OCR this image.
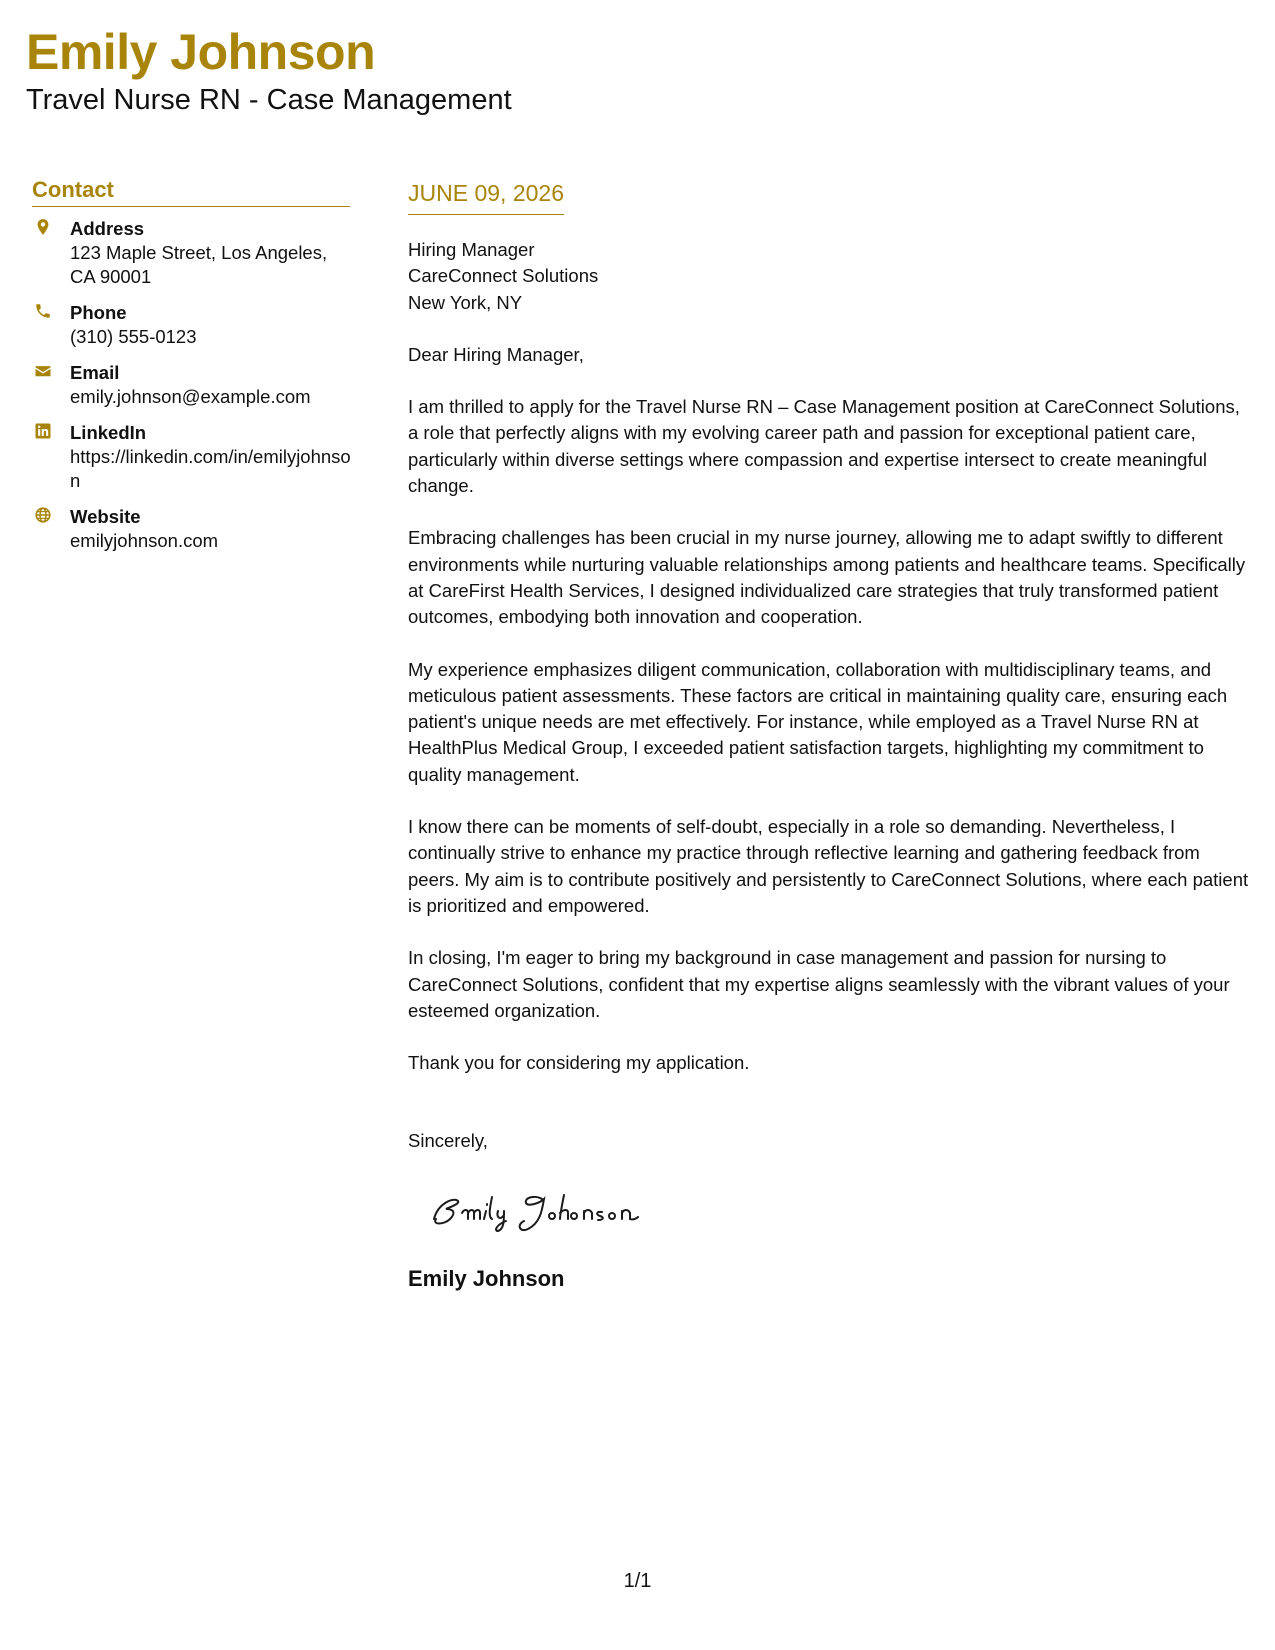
Emily Johnson

Travel Nurse RN - Case Management

Contact
Address
123 Maple Street, Los Angeles, CA 90001
Phone
(310) 555-0123
Email
emily.johnson@example.com
LinkedIn
https://linkedin.com/in/emilyjohnson
Website
emilyjohnson.com
JUNE 09, 2026
Hiring Manager
CareConnect Solutions
New York, NY

Dear Hiring Manager,

I am thrilled to apply for the Travel Nurse RN – Case Management position at CareConnect Solutions, a role that perfectly aligns with my evolving career path and passion for exceptional patient care, particularly within diverse settings where compassion and expertise intersect to create meaningful change.

Embracing challenges has been crucial in my nurse journey, allowing me to adapt swiftly to different environments while nurturing valuable relationships among patients and healthcare teams. Specifically at CareFirst Health Services, I designed individualized care strategies that truly transformed patient outcomes, embodying both innovation and cooperation.

My experience emphasizes diligent communication, collaboration with multidisciplinary teams, and meticulous patient assessments. These factors are critical in maintaining quality care, ensuring each patient's unique needs are met effectively. For instance, while employed as a Travel Nurse RN at HealthPlus Medical Group, I exceeded patient satisfaction targets, highlighting my commitment to quality management.

I know there can be moments of self-doubt, especially in a role so demanding. Nevertheless, I continually strive to enhance my practice through reflective learning and gathering feedback from peers. My aim is to contribute positively and persistently to CareConnect Solutions, where each patient is prioritized and empowered.

In closing, I'm eager to bring my background in case management and passion for nursing to CareConnect Solutions, confident that my expertise aligns seamlessly with the vibrant values of your esteemed organization.

Thank you for considering my application.

Sincerely,

Emily Johnson
1/1
